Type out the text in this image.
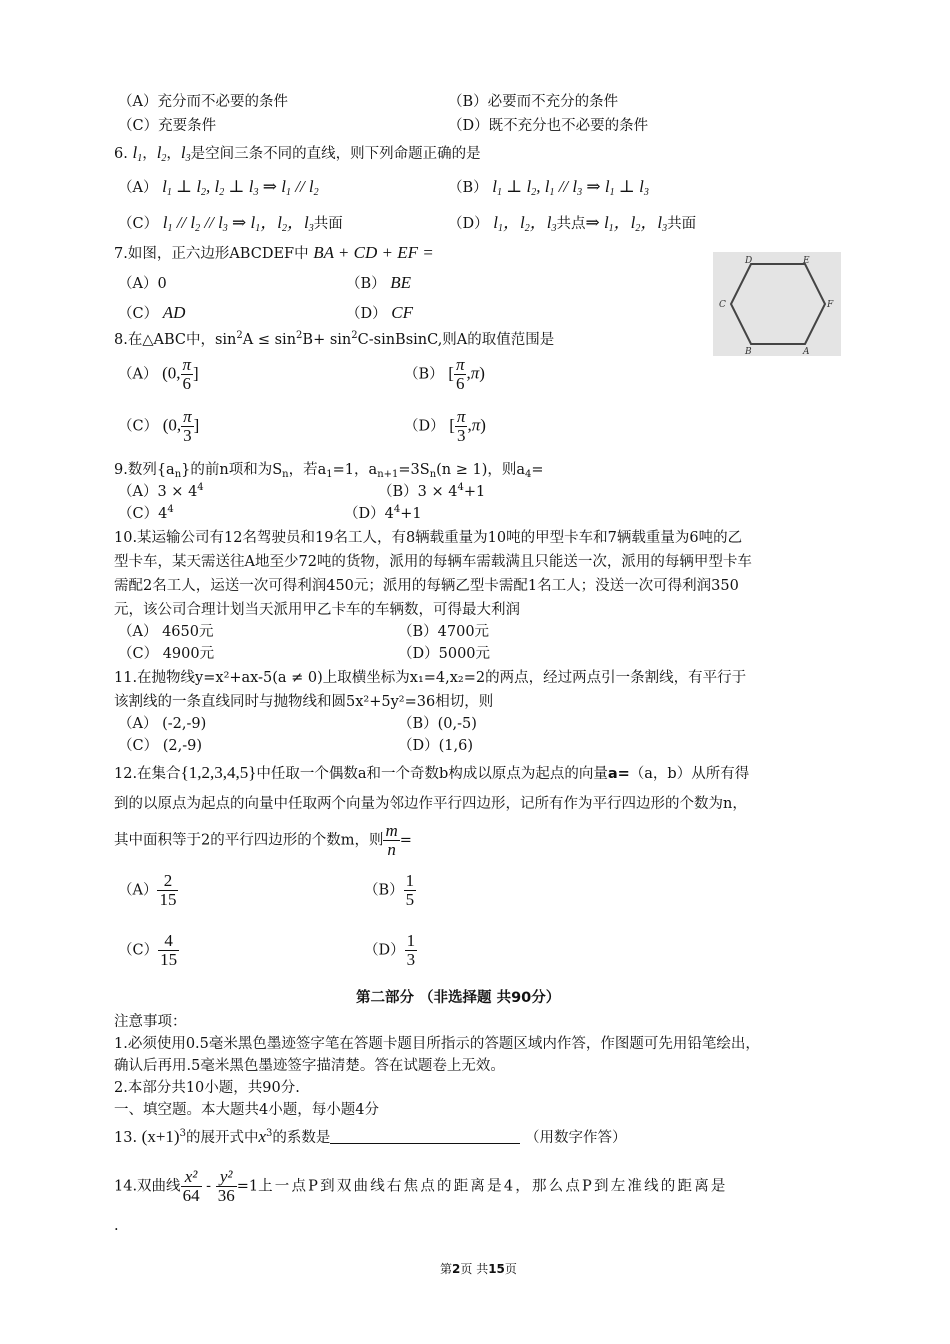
（A）充分而不必要的条件	（B）必要而不充分的条件
（C）充要条件	（D）既不充分也不必要的条件
6. $l_1$，$l_2$，$l_3$是空间三条不同的直线，则下列命题正确的是
（A） $l_1$ ⊥ $l_2$, $l_2$ ⊥ $l_3$ ⇒ $l_1 // l_2$	（B） $l_1$ ⊥ $l_2$, $l_1 // l_3$ ⇒ $l_1$ ⊥ $l_3$
（C） $l_1 // l_2 // l_3$ ⇒ $l_1$，$l_2$，$l_3$共面	（D） $l_1$，$l_2$，$l_3$共点⇒ $l_1$，$l_2$，$l_3$共面
7.如图，正六边形ABCDEF中 BA + CD + EF =
（A）0	（B） BE
（C） AD	（D） CF
D	E
F
A
B
C
8.在△ABC中，$\sin^2A \le \sin^2B+$ $\sin^2C$-sinBsinC,则A的取值范围是
（A） (0, $\frac{\pi}{6}$ ]	（B） [ $\frac{\pi}{6} ,\pi$)
（C） (0, $\frac{\pi}{3}$ ]	（D） [ $\frac{\pi}{3} ,\pi$)
9.数列$\{a_n\}$的前n项和为$S_n$，若$a_1=1$，$a_{n+1}=3S_n(n \ge 1)$，则$a_4=$
$(A)3 \times 4^4$	$(B)3 \times 4^4+1$
$(C)4^4$	$(D)4^4+1$
10.某运输公司有12名驾驶员和19名工人，有8辆载重量为10吨的甲型卡车和7辆载重量为6吨的乙
型卡车，某天需送往A地至少72吨的货物，派用的每辆车需载满且只能送一次，派用的每辆甲型卡车
需配2名工人，运送一次可得利润450元；派用的每辆乙型卡需配1名工人；没送一次可得利润350
元，该公司合理计划当天派用甲乙卡车的车辆数，可得最大利润
（A） 4650元	（B）4700元
（C） 4900元	（D）5000元
11.在抛物线y=x²+ax-5(a ≠ 0)上取横坐标为x₁=4,x₂=2的两点，经过两点引一条割线，有平行于
该割线的一条直线同时与抛物线和圆5x²+5y²=36相切，则
（A） (-2,-9)	（B）(0,-5)
（C） (2,-9)	（D）(1,6)
12.在集合{1,2,3,4,5}中任取一个偶数a和一个奇数b构成以原点为起点的向量a=（a，b）从所有得
到的以原点为起点的向量中任取两个向量为邻边作平行四边形，记所有作为平行四边形的个数为n，
其中面积等于2的平行四边形的个数m，则 $\frac{m}{n}$ =
$(A) \frac{2}{15}$	$(B) \frac{1}{5}$
$(C) \frac{4}{15}$	$(D) \frac{1}{3}$
第二部分 （非选择题 共90分）
注意事项：
1.必须使用0.5毫米黑色墨迹签字笔在答题卡题目所指示的答题区域内作答，作图题可先用铅笔绘出，
确认后再用.5毫米黑色墨迹签字描清楚。答在试题卷上无效。
2.本部分共10小题，共90分.
一、填空题。本大题共4小题，每小题4分
13. $(x+1)^3$的展开式中$x^3$的系数是	（用数字作答）
14.双曲线 $\frac{\text{x²}}{64} - \frac{\text{y²}}{36} =1$上一点P到双曲线右焦点的距离是4，那么点P到左准线的距离是
.
第2页 共15页
